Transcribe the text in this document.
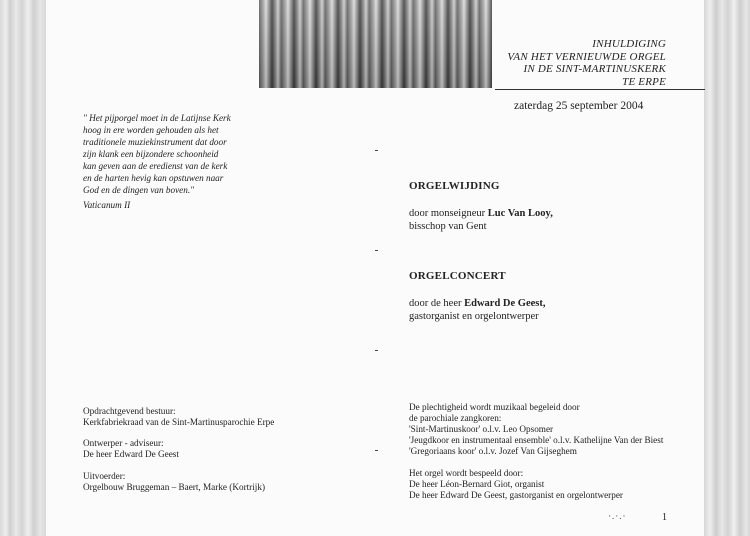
INHULDIGING
VAN HET VERNIEUWDE ORGEL
IN DE SINT-MARTINUSKERK
TE ERPE
zaterdag 25 september 2004
" Het pijporgel moet in de Latijnse Kerk
hoog in ere worden gehouden als het
traditionele muziekinstrument dat door
zijn klank een bijzondere schoonheid
kan geven aan de eredienst van de kerk
en de harten hevig kan opstuwen naar
God en de dingen van boven."
Vaticanum II
ORGELWIJDING
door monseigneur Luc Van Looy,
bisschop van Gent
ORGELCONCERT
door de heer Edward De Geest,
gastorganist en orgelontwerper
Opdrachtgevend bestuur:
Kerkfabriekraad van de Sint-Martinusparochie Erpe
Ontwerper - adviseur:
De heer Edward De Geest
Uitvoerder:
Orgelbouw Bruggeman – Baert, Marke (Kortrijk)
De plechtigheid wordt muzikaal begeleid door
de parochiale zangkoren:
'Sint-Martinuskoor' o.l.v. Leo Opsomer
'Jeugdkoor en instrumentaal ensemble' o.l.v. Kathelijne Van der Biest
'Gregoriaans koor' o.l.v. Jozef Van Gijseghem
Het orgel wordt bespeeld door:
De heer Léon-Bernard Giot, organist
De heer Edward De Geest, gastorganist en orgelontwerper
·.·.·	1
